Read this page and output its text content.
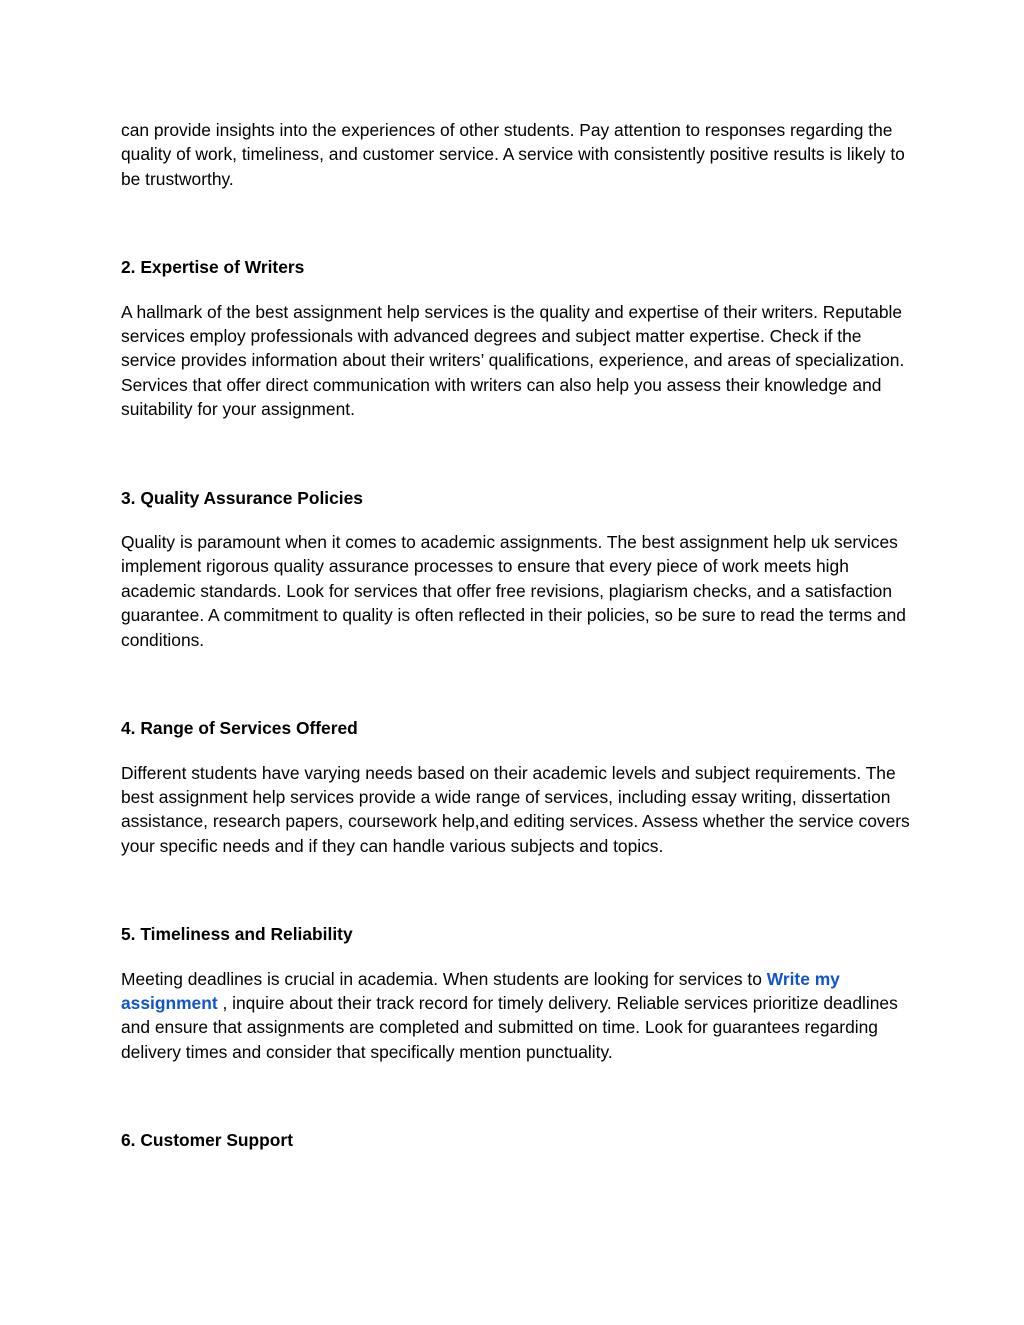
can provide insights into the experiences of other students. Pay attention to responses regarding the quality of work, timeliness, and customer service. A service with consistently positive results is likely to be trustworthy.

2. Expertise of Writers

A hallmark of the best assignment help services is the quality and expertise of their writers. Reputable services employ professionals with advanced degrees and subject matter expertise. Check if the service provides information about their writers’ qualifications, experience, and areas of specialization. Services that offer direct communication with writers can also help you assess their knowledge and suitability for your assignment.

3. Quality Assurance Policies

Quality is paramount when it comes to academic assignments. The best assignment help uk services implement rigorous quality assurance processes to ensure that every piece of work meets high academic standards. Look for services that offer free revisions, plagiarism checks, and a satisfaction guarantee. A commitment to quality is often reflected in their policies, so be sure to read the terms and conditions.

4. Range of Services Offered

Different students have varying needs based on their academic levels and subject requirements. The best assignment help services provide a wide range of services, including essay writing, dissertation assistance, research papers, coursework help,and editing services. Assess whether the service covers your specific needs and if they can handle various subjects and topics.

5. Timeliness and Reliability

Meeting deadlines is crucial in academia. When students are looking for services to Write my assignment , inquire about their track record for timely delivery. Reliable services prioritize deadlines and ensure that assignments are completed and submitted on time. Look for guarantees regarding delivery times and consider that specifically mention punctuality.

6. Customer Support
